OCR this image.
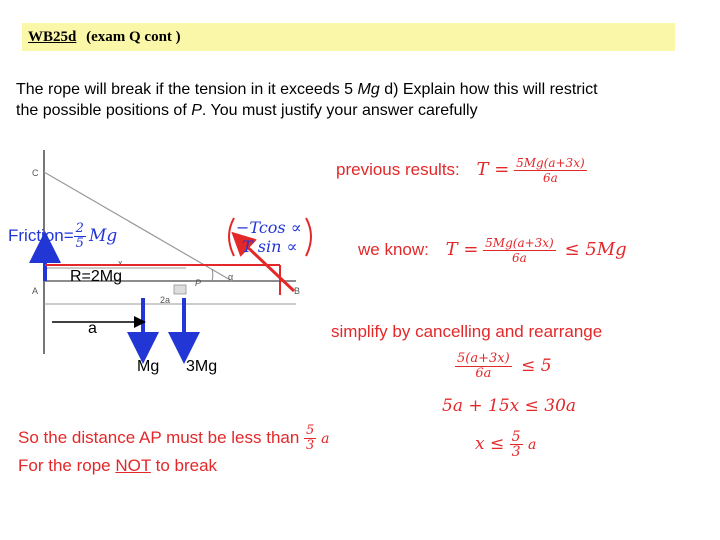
WB25d (exam Q cont )
The rope will break if the tension in it exceeds 5 Mg d) Explain how this will restrict
the possible positions of P. You must justify your answer carefully
C
A	B
P
x
2a
α
Friction= $\frac{2}{5}$ Mg	−Tcos ∝
T sin ∝
R=2Mg
a
Mg 3Mg
previous results: $T = \frac{5Mg(a+3x)}{6a}$
we know: $T = \frac{5Mg(a+3x)}{6a} \le 5Mg$
simplify by cancelling and rearrange
$\frac{5(a+3x)}{6a} \le 5$
5a + 15x ≤ 30a
$x \le \frac{5}{3}$ a
So the distance AP must be less than $\frac{5}{3}$ a
For the rope NOT to break
